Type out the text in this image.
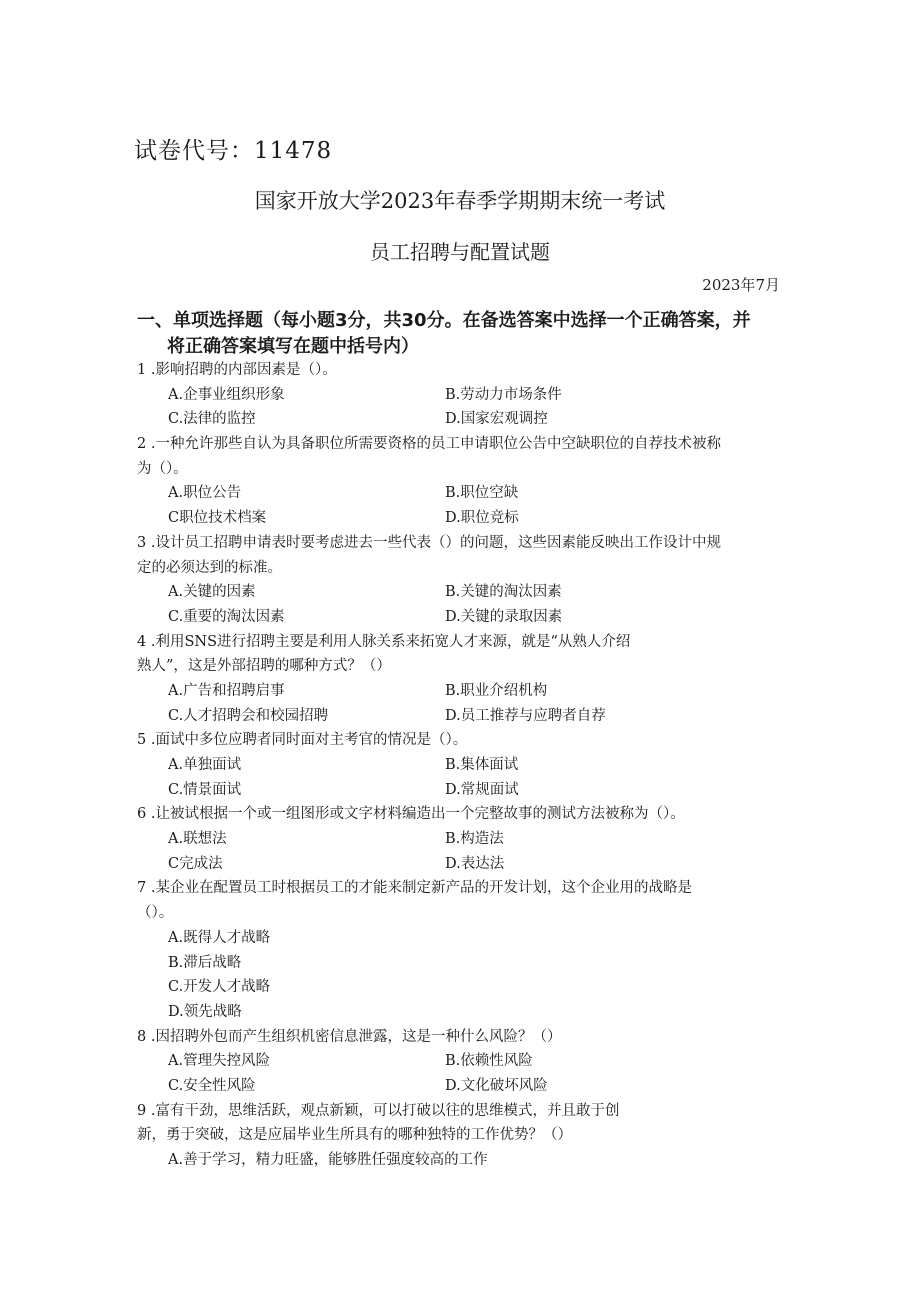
试卷代号：11478
国家开放大学2023年春季学期期末统一考试
员工招聘与配置试题
2023年7月
一、单项选择题（每小题3分，共30分。在备选答案中选择一个正确答案，并
将正确答案填写在题中括号内）
1 .影响招聘的内部因素是（）。
A.企事业组织形象	B.劳动力市场条件
C.法律的监控	D.国家宏观调控
2 .一种允许那些自认为具备职位所需要资格的员工申请职位公告中空缺职位的自荐技术被称
为（）。
A.职位公告	B.职位空缺
C职位技术档案	D.职位竞标
3 .设计员工招聘申请表时要考虑进去一些代表（）的问题，这些因素能反映出工作设计中规
定的必须达到的标准。
A.关键的因素	B.关键的淘汰因素
C.重要的淘汰因素	D.关键的录取因素
4 .利用SNS进行招聘主要是利用人脉关系来拓宽人才来源，就是“从熟人介绍
熟人”，这是外部招聘的哪种方式？（）
A.广告和招聘启事	B.职业介绍机构
C.人才招聘会和校园招聘	D.员工推荐与应聘者自荐
5 .面试中多位应聘者同时面对主考官的情况是（）。
A.单独面试	B.集体面试
C.情景面试	D.常规面试
6 .让被试根据一个或一组图形或文字材料编造出一个完整故事的测试方法被称为（）。
A.联想法	B.构造法
C完成法	D.表达法
7 .某企业在配置员工时根据员工的才能来制定新产品的开发计划，这个企业用的战略是
（）。
A.既得人才战略
B.滞后战略
C.开发人才战略
D.领先战略
8 .因招聘外包而产生组织机密信息泄露，这是一种什么风险？（）
A.管理失控风险	B.依赖性风险
C.安全性风险	D.文化破坏风险
9 .富有干劲，思维活跃，观点新颖，可以打破以往的思维模式，并且敢于创
新，勇于突破，这是应届毕业生所具有的哪种独特的工作优势？（）
A.善于学习，精力旺盛，能够胜任强度较高的工作
